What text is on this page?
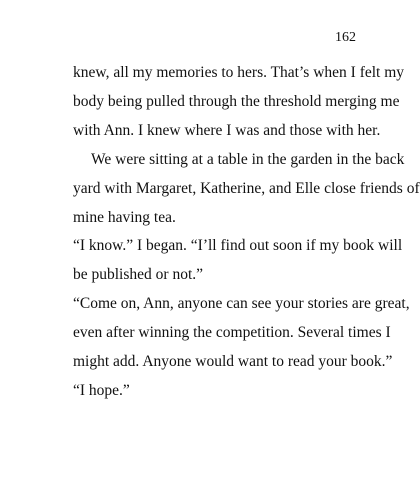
162
knew, all my memories to hers. That’s when I felt my
body being pulled through the threshold merging me
with Ann. I knew where I was and those with her.
We were sitting at a table in the garden in the back
yard with Margaret, Katherine, and Elle close friends of
mine having tea.
“I know.” I began. “I’ll find out soon if my book will
be published or not.”
“Come on, Ann, anyone can see your stories are great,
even after winning the competition. Several times I
might add. Anyone would want to read your book.”
“I hope.”
